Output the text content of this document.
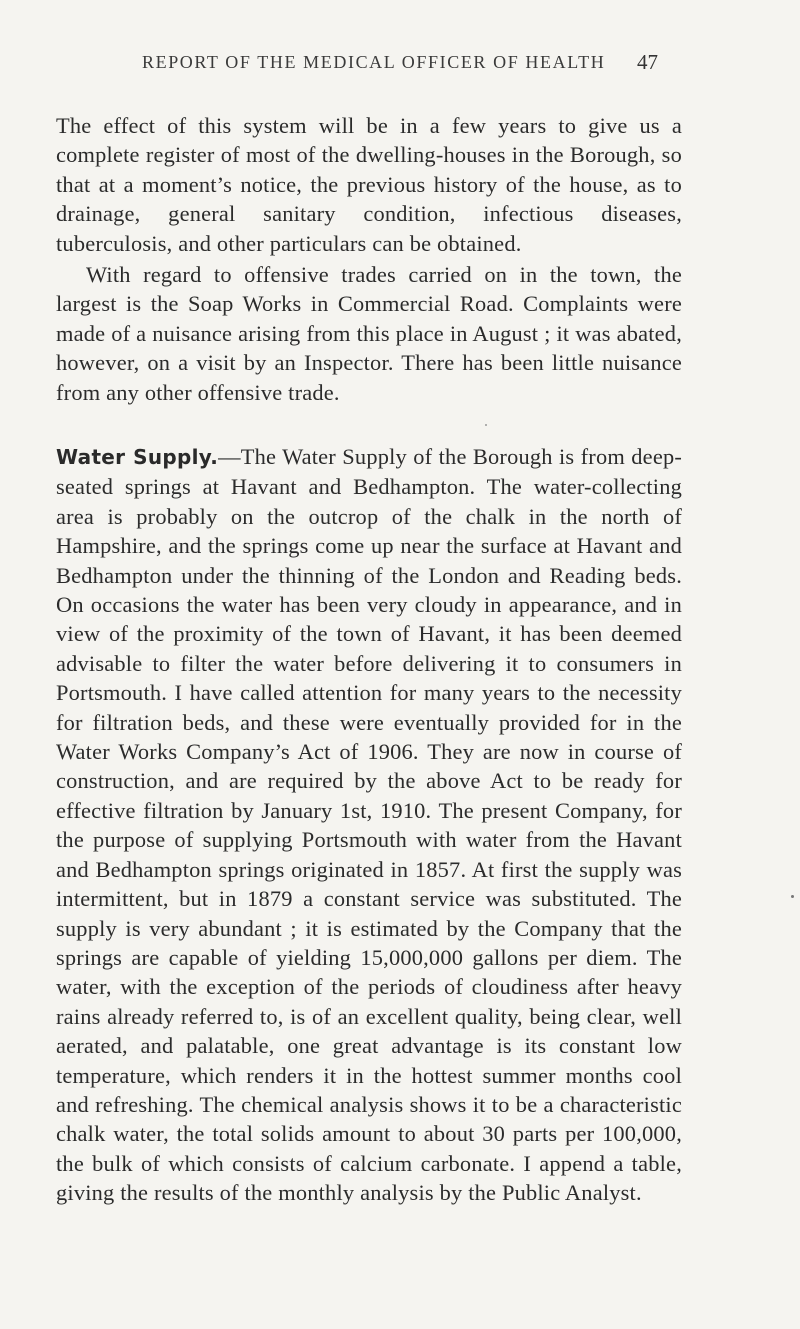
REPORT OF THE MEDICAL OFFICER OF HEALTH	47

The effect of this system will be in a few years to give us a complete register of most of the dwelling-houses in the Borough, so that at a moment’s notice, the previous history of the house, as to drainage, general sanitary condition, infectious diseases, tuberculosis, and other particulars can be obtained.

With regard to offensive trades carried on in the town, the largest is the Soap Works in Commercial Road. Complaints were made of a nuisance arising from this place in August ; it was abated, however, on a visit by an Inspector. There has been little nuisance from any other offensive trade.

Water Supply.—The Water Supply of the Borough is from deep-seated springs at Havant and Bedhampton. The water-collecting area is probably on the outcrop of the chalk in the north of Hampshire, and the springs come up near the surface at Havant and Bedhampton under the thinning of the London and Reading beds. On occasions the water has been very cloudy in appearance, and in view of the proximity of the town of Havant, it has been deemed advisable to filter the water before delivering it to consumers in Portsmouth. I have called attention for many years to the necessity for filtration beds, and these were eventually provided for in the Water Works Company’s Act of 1906. They are now in course of construction, and are required by the above Act to be ready for effective filtration by January 1st, 1910. The present Company, for the purpose of supplying Portsmouth with water from the Havant and Bedhampton springs originated in 1857. At first the supply was intermittent, but in 1879 a constant service was substituted. The supply is very abundant ; it is estimated by the Company that the springs are capable of yielding 15,000,000 gallons per diem. The water, with the exception of the periods of cloudiness after heavy rains already referred to, is of an excellent quality, being clear, well aerated, and palatable, one great advantage is its constant low temperature, which renders it in the hottest summer months cool and refreshing. The chemical analysis shows it to be a characteristic chalk water, the total solids amount to about 30 parts per 100,000, the bulk of which consists of calcium carbonate. I append a table, giving the results of the monthly analysis by the Public Analyst.
